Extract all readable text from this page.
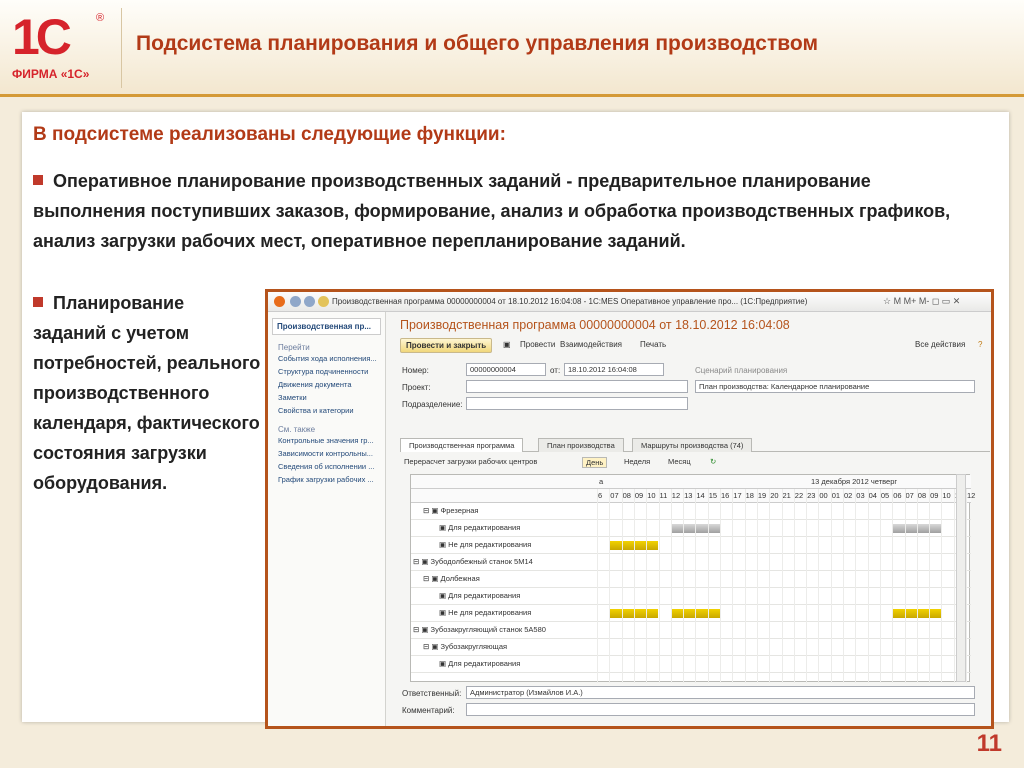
1С	®
ФИРМА «1С»
Подсистема планирования и общего управления производством
В подсистеме реализованы следующие функции:
Оперативное планирование производственных заданий - предварительное планирование выполнения поступивших заказов, формирование, анализ и обработка производственных графиков, анализ загрузки рабочих мест, оперативное перепланирование заданий.
Планирование заданий с учетом потребностей, реального производственного календаря, фактического состояния загрузки оборудования.
Производственная программа 00000000004 от 18.10.2012 16:04:08 - 1С:MES Оперативное управление про... (1С:Предприятие)	☆ M M+ M- ◻ ▭ ✕
Производственная пр...
Перейти
События хода исполнения...
Структура подчиненности
Движения документа
Заметки
Свойства и категории
См. также
Контрольные значения гр...
Зависимости контрольны...
Сведения об исполнении ...
График загрузки рабочих ...
Производственная программа 00000000004 от 18.10.2012 16:04:08
Провести и закрыть	▣ Провести Взаимодействия Печать	Все действия ?
Номер:	00000000004	от:	18.10.2012 16:04:08	Сценарий планирования
Проект:	План производства: Календарное планирование
Подразделение:
Производственная программа	План производства	Маршруты производства (74)
Перерасчет загрузки рабочих центров	День	Неделя Месяц	↻
a	13 декабря 2012 четверг
6 07 08 09 10 11 12 13 14 15 16 17 18 19 20 21 22 23 00 01 02 03 04 05 06 07 08 09 10 12
⊟ ▣ Фрезерная
▣ Для редактирования
▣ Не для редактирования
⊟ ▣ Зубодолбежный станок 5М14
⊟ ▣ Долбежная
▣ Для редактирования
▣ Не для редактирования
⊟ ▣ Зубозакругляющий станок 5А580
⊟ ▣ Зубозакругляющая
▣ Для редактирования
Ответственный:	Администратор (Измайлов И.А.)
Комментарий:
11
